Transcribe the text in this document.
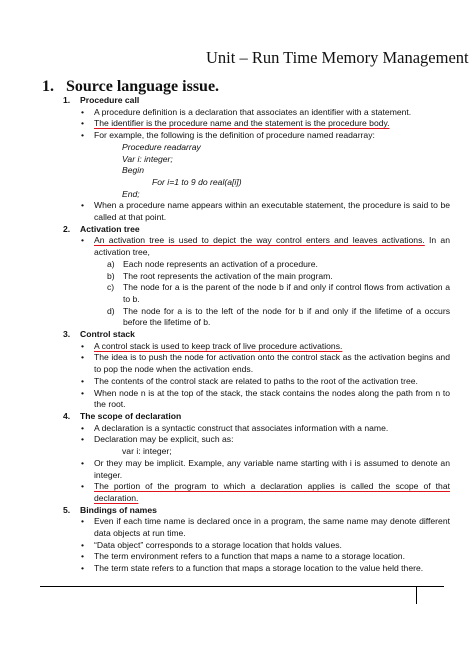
Unit – Run Time Memory Management
1. Source language issue.
1. Procedure call
• A procedure definition is a declaration that associates an identifier with a statement.
• The identifier is the procedure name and the statement is the procedure body.
• For example, the following is the definition of procedure named readarray:
Procedure readarray
Var i: integer;
Begin
For i=1 to 9 do real(a[i])
End;
• When a procedure name appears within an executable statement, the procedure is said to be called at that point.
2. Activation tree
• An activation tree is used to depict the way control enters and leaves activations. In an activation tree,
a) Each node represents an activation of a procedure.
b) The root represents the activation of the main program.
c) The node for a is the parent of the node b if and only if control flows from activation a to b.
d) The node for a is to the left of the node for b if and only if the lifetime of a occurs before the lifetime of b.
3. Control stack
• A control stack is used to keep track of live procedure activations.
• The idea is to push the node for activation onto the control stack as the activation begins and to pop the node when the activation ends.
• The contents of the control stack are related to paths to the root of the activation tree.
• When node n is at the top of the stack, the stack contains the nodes along the path from n to the root.
4. The scope of declaration
• A declaration is a syntactic construct that associates information with a name.
• Declaration may be explicit, such as:
var i: integer;
• Or they may be implicit. Example, any variable name starting with i is assumed to denote an integer.
• The portion of the program to which a declaration applies is called the scope of that declaration.
5. Bindings of names
• Even if each time name is declared once in a program, the same name may denote different data objects at run time.
• “Data object” corresponds to a storage location that holds values.
• The term environment refers to a function that maps a name to a storage location.
• The term state refers to a function that maps a storage location to the value held there.
